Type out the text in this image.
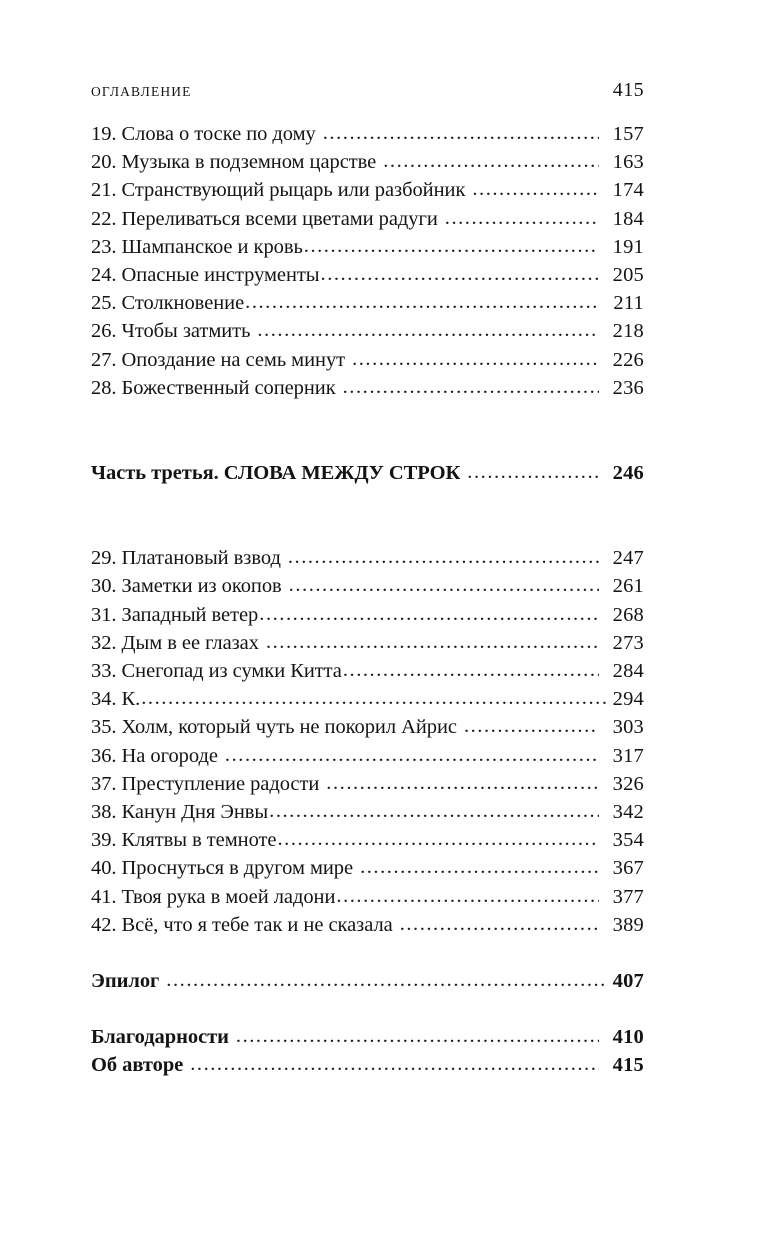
ОГЛАВЛЕНИЕ	415
19. Слова о тоске по дому .....	157
20. Музыка в подземном царстве .....	163
21. Странствующий рыцарь или разбойник .....	174
22. Переливаться всеми цветами радуги .....	184
23. Шампанское и кровь .....	191
24. Опасные инструменты .....	205
25. Столкновение .....	211
26. Чтобы затмить .....	218
27. Опоздание на семь минут .....	226
28. Божественный соперник .....	236
Часть третья. СЛОВА МЕЖДУ СТРОК .....	246
29. Платановый взвод .....	247
30. Заметки из окопов .....	261
31. Западный ветер .....	268
32. Дым в ее глазах .....	273
33. Снегопад из сумки Китта .....	284
34. К. .....	294
35. Холм, который чуть не покорил Айрис .....	303
36. На огороде .....	317
37. Преступление радости .....	326
38. Канун Дня Энвы .....	342
39. Клятвы в темноте .....	354
40. Проснуться в другом мире .....	367
41. Твоя рука в моей ладони .....	377
42. Всё, что я тебе так и не сказала .....	389
Эпилог .....	407
Благодарности .....	410
Об авторе .....	415
